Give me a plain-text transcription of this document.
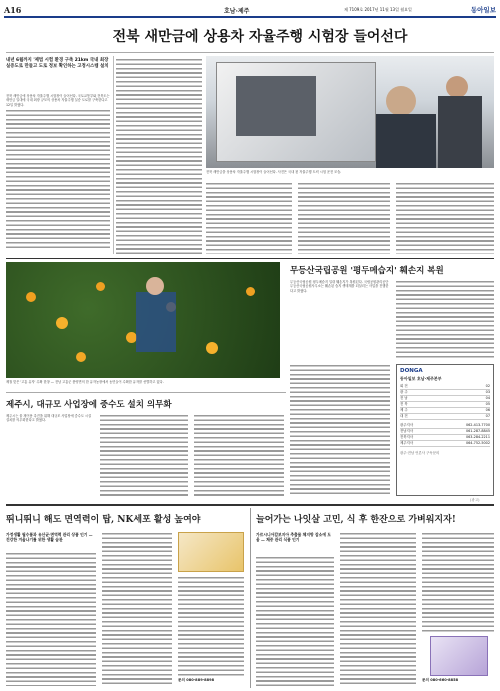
A16	호남·제주	제 7109호 2017년 11월 13일 월요일	동아일보
전북 새만금에 상용차 자율주행 시험장 들어선다
내년 6월까지 '제법 시험 환경 구축 21km 국내 최장 실증도로 만들고 도로 정보 확인하는 고정시스템 설치
전북 새만금에 상용차 자율주행 시험장이 들어선다. 국토교통부와 전북도는 새만금 일대에 국내 최장 규모의 상용차 자율주행 실증 도로를 구축한다고 12일 밝혔다.
전북 새만금을 상용차 자율주행 시험장이 들어선다. 사진은 국내 첫 자율주행 트럭 시험 운전 모습.
무등산국립공원 '평두메습지' 훼손지 복원
제철 맞은 '고흥 유자' 수확 한창 — 전남 고흥군 풍양면의 한 유자농장에서 농민들이 수확한 유자를 선별하고 있다.
무등산국립공원 평두메습지 일대 훼손지가 복원된다. 국립공원관리공단 무등산국립공원사무소는 훼손된 습지 생태계를 되살리는 사업을 진행한다고 밝혔다.
제주시, 대규모 사업장에 중수도 설치 의무화
제주시는 물 재이용 촉진을 위해 대규모 사업장에 중수도 시설 설치를 의무화한다고 밝혔다.
DONGA
동아일보 호남·제주본부
회 전	02
광 주	03
전 남	04
전 북	05
제 주	06
대 전	07
광주지사	062-413-7700
전남지사	061-287-8845
전북지사	063-284-2211
제주지사	064-752-5002
광주·전남 언론사 구독문의
(광고)
뛰니뛰니 해도 면역력이 탑, NK세포 활성 높여야
가정생활 필수품과 유산균·면역력 관리 상품 인기 — 건강한 겨울나기를 위한 생활 습관
문의 080-889-8898
늘어가는 나잇살 고민, 식 후 한잔으로 가벼워지자!
가르시니아캄보지아 추출물 체지방 감소에 도움 — 체중 관리 식품 인기
문의 080-660-8858
